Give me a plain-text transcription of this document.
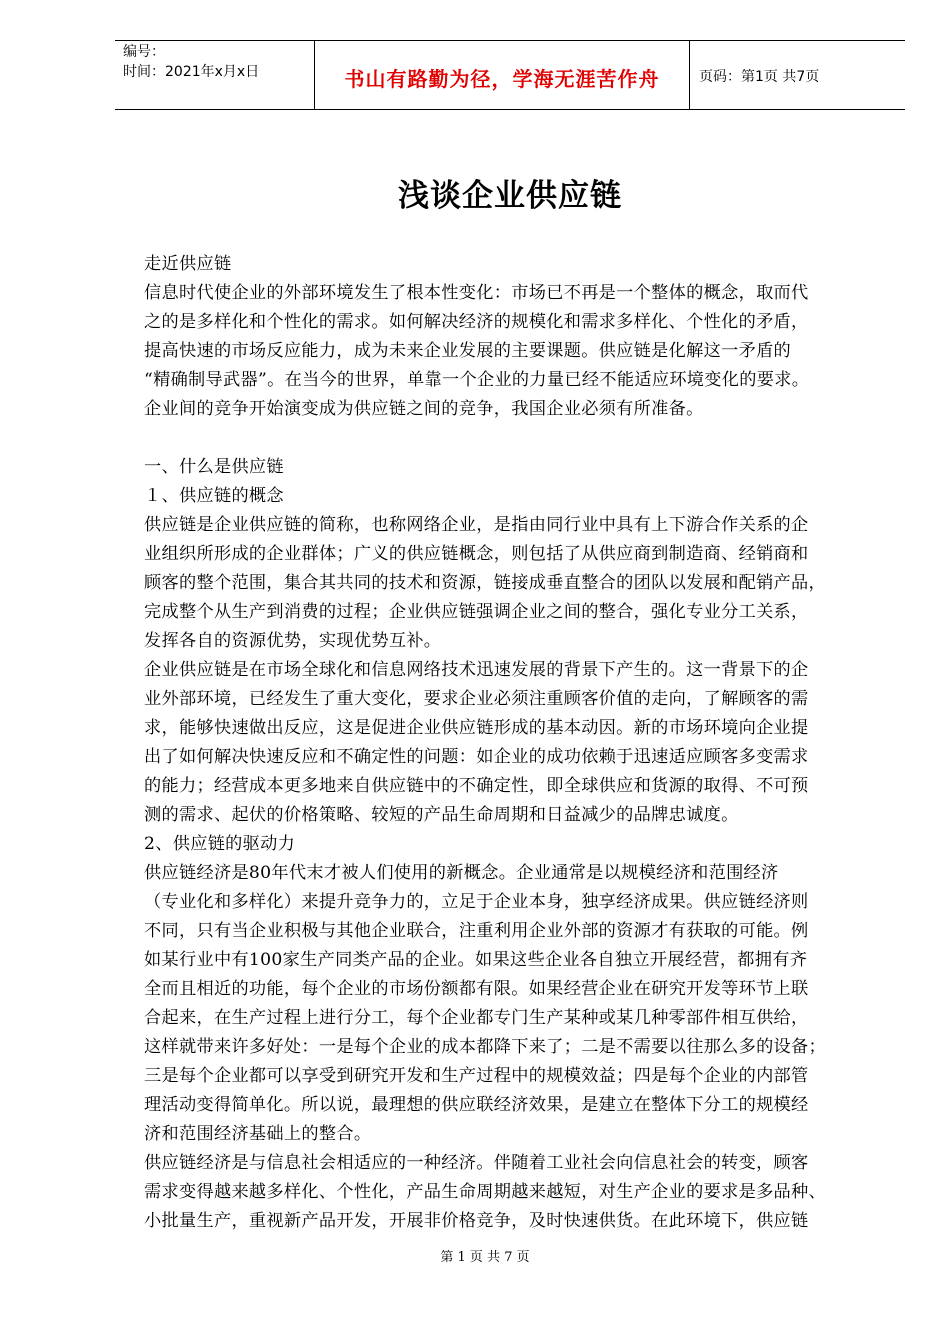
编号：
时间：2021年x月x日	书山有路勤为径，学海无涯苦作舟	页码：第1页 共7页
浅谈企业供应链
走近供应链
信息时代使企业的外部环境发生了根本性变化：市场已不再是一个整体的概念，取而代
之的是多样化和个性化的需求。如何解决经济的规模化和需求多样化、个性化的矛盾，
提高快速的市场反应能力，成为未来企业发展的主要课题。供应链是化解这一矛盾的
“精确制导武器”。在当今的世界，单靠一个企业的力量已经不能适应环境变化的要求。
企业间的竞争开始演变成为供应链之间的竞争，我国企业必须有所准备。
一、什么是供应链
１、供应链的概念
供应链是企业供应链的简称，也称网络企业，是指由同行业中具有上下游合作关系的企
业组织所形成的企业群体；广义的供应链概念，则包括了从供应商到制造商、经销商和
顾客的整个范围，集合其共同的技术和资源，链接成垂直整合的团队以发展和配销产品，
完成整个从生产到消费的过程；企业供应链强调企业之间的整合，强化专业分工关系，
发挥各自的资源优势，实现优势互补。
企业供应链是在市场全球化和信息网络技术迅速发展的背景下产生的。这一背景下的企
业外部环境，已经发生了重大变化，要求企业必须注重顾客价值的走向，了解顾客的需
求，能够快速做出反应，这是促进企业供应链形成的基本动因。新的市场环境向企业提
出了如何解决快速反应和不确定性的问题：如企业的成功依赖于迅速适应顾客多变需求
的能力；经营成本更多地来自供应链中的不确定性，即全球供应和货源的取得、不可预
测的需求、起伏的价格策略、较短的产品生命周期和日益减少的品牌忠诚度。
2、供应链的驱动力
供应链经济是80年代末才被人们使用的新概念。企业通常是以规模经济和范围经济
（专业化和多样化）来提升竞争力的，立足于企业本身，独享经济成果。供应链经济则
不同，只有当企业积极与其他企业联合，注重利用企业外部的资源才有获取的可能。例
如某行业中有100家生产同类产品的企业。如果这些企业各自独立开展经营，都拥有齐
全而且相近的功能，每个企业的市场份额都有限。如果经营企业在研究开发等环节上联
合起来，在生产过程上进行分工，每个企业都专门生产某种或某几种零部件相互供给，
这样就带来许多好处：一是每个企业的成本都降下来了；二是不需要以往那么多的设备；
三是每个企业都可以享受到研究开发和生产过程中的规模效益；四是每个企业的内部管
理活动变得简单化。所以说，最理想的供应联经济效果，是建立在整体下分工的规模经
济和范围经济基础上的整合。
供应链经济是与信息社会相适应的一种经济。伴随着工业社会向信息社会的转变，顾客
需求变得越来越多样化、个性化，产品生命周期越来越短，对生产企业的要求是多品种、
小批量生产，重视新产品开发，开展非价格竞争，及时快速供货。在此环境下，供应链
第 1 页 共 7 页
